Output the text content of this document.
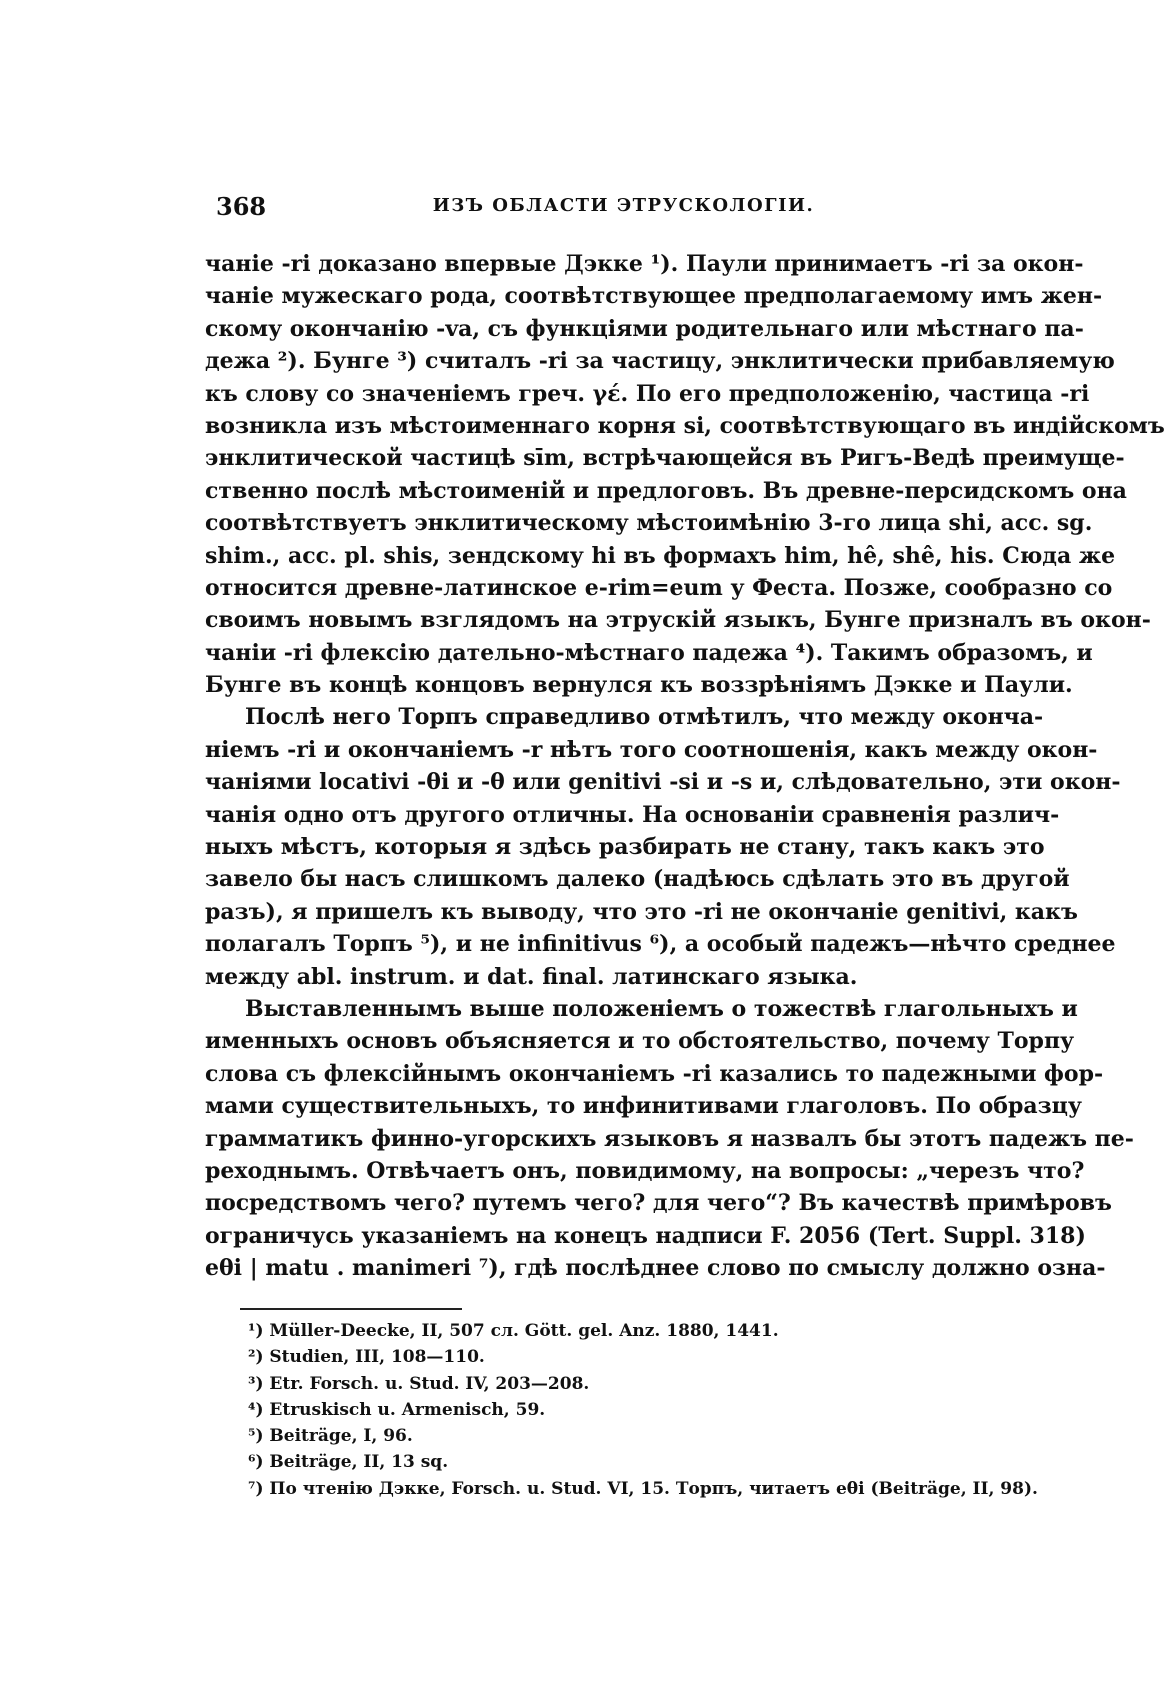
368	ИЗЪ ОБЛАСТИ ЭТРУСКОЛОГІИ.
чаніе -ri доказано впервые Дэкке ¹). Паули принимаетъ -ri за окон-
чаніе мужескаго рода, соотвѣтствующее предполагаемому имъ жен-
скому окончанію -va, съ функціями родительнаго или мѣстнаго па-
дежа ²). Бунге ³) считалъ -ri за частицу, энклитически прибавляемую
къ слову со значеніемъ греч. γέ. По его предположенію, частица -ri
возникла изъ мѣстоименнаго корня si, соотвѣтствующаго въ индійскомъ
энклитической частицѣ sīm, встрѣчающейся въ Ригъ-Ведѣ преимуще-
ственно послѣ мѣстоименій и предлоговъ. Въ древне-персидскомъ она
соотвѣтствуетъ энклитическому мѣстоимѣнію 3-го лица shi, acc. sg.
shim., acc. pl. shis, зендскому hi въ формахъ him, hê, shê, his. Сюда же
относится древне-латинское e-rim=eum у Феста. Позже, сообразно со
своимъ новымъ взглядомъ на этрускій языкъ, Бунге призналъ въ окон-
чаніи -ri флексію дательно-мѣстнаго падежа ⁴). Такимъ образомъ, и
Бунге въ концѣ концовъ вернулся къ воззрѣніямъ Дэкке и Паули.
Послѣ него Торпъ справедливо отмѣтилъ, что между оконча-
ніемъ -ri и окончаніемъ -r нѣтъ того соотношенія, какъ между окон-
чаніями locativi -θi и -θ или genitivi -si и -s и, слѣдовательно, эти окон-
чанія одно отъ другого отличны. На основаніи сравненія различ-
ныхъ мѣстъ, которыя я здѣсь разбирать не стану, такъ какъ это
завело бы насъ слишкомъ далеко (надѣюсь сдѣлать это въ другой
разъ), я пришелъ къ выводу, что это -ri не окончаніе genitivi, какъ
полагалъ Торпъ ⁵), и не infinitivus ⁶), а особый падежъ—нѣчто среднее
между abl. instrum. и dat. final. латинскаго языка.
Выставленнымъ выше положеніемъ о тожествѣ глагольныхъ и
именныхъ основъ объясняется и то обстоятельство, почему Торпу
слова съ флексійнымъ окончаніемъ -ri казались то падежными фор-
мами существительныхъ, то инфинитивами глаголовъ. По образцу
грамматикъ финно-угорскихъ языковъ я назвалъ бы этотъ падежъ пе-
реходнымъ. Отвѣчаетъ онъ, повидимому, на вопросы: „черезъ что?
посредствомъ чего? путемъ чего? для чего“? Въ качествѣ примѣровъ
ограничусь указаніемъ на конецъ надписи F. 2056 (Tert. Suppl. 318)
eθi | matu . manimeri ⁷), гдѣ послѣднее слово по смыслу должно озна-
¹) Müller-Deecke, II, 507 сл. Gött. gel. Anz. 1880, 1441.
²) Studien, III, 108—110.
³) Etr. Forsch. u. Stud. IV, 203—208.
⁴) Etruskisch u. Armenisch, 59.
⁵) Beiträge, I, 96.
⁶) Beiträge, II, 13 sq.
⁷) По чтенію Дэкке, Forsch. u. Stud. VI, 15. Торпъ, читаетъ eθi (Beiträge, II, 98).
